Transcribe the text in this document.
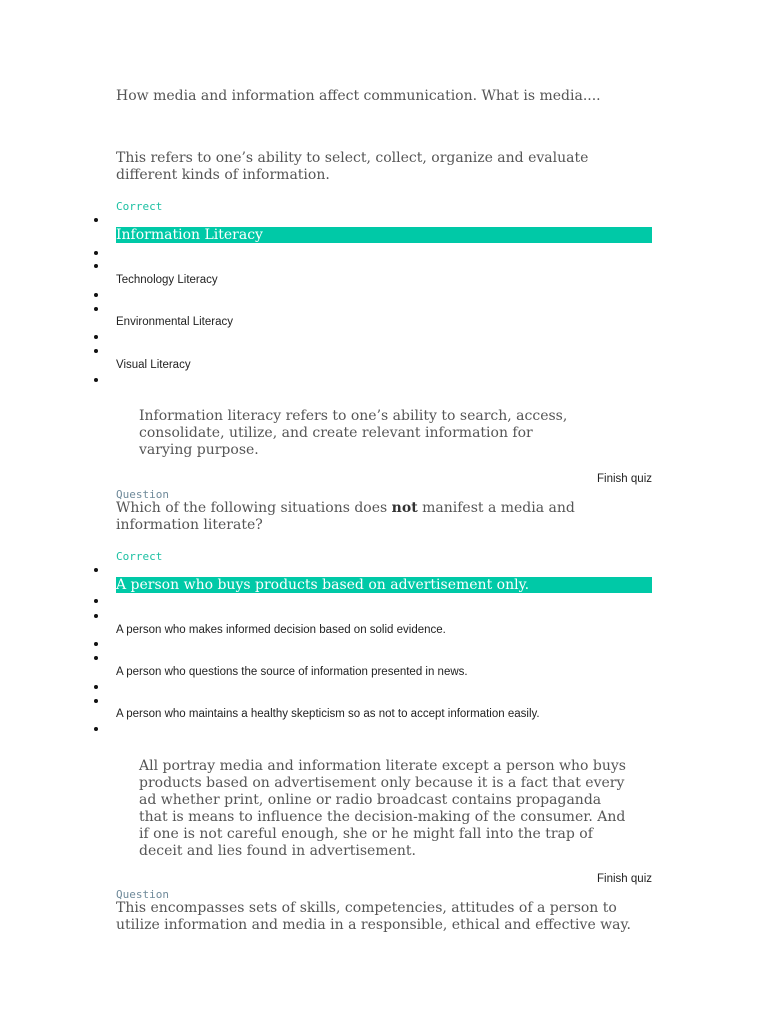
How media and information affect communication. What is media....
This refers to one’s ability to select, collect, organize and evaluate different kinds of information.
Correct
Information Literacy
Technology Literacy
Environmental Literacy
Visual Literacy
Information literacy refers to one’s ability to search, access, consolidate, utilize, and create relevant information for varying purpose.
Finish quiz
Question
Which of the following situations does not manifest a media and information literate?
Correct
A person who buys products based on advertisement only.
A person who makes informed decision based on solid evidence.
A person who questions the source of information presented in news.
A person who maintains a healthy skepticism so as not to accept information easily.
All portray media and information literate except a person who buys products based on advertisement only because it is a fact that every ad whether print, online or radio broadcast contains propaganda that is means to influence the decision-making of the consumer. And if one is not careful enough, she or he might fall into the trap of deceit and lies found in advertisement.
Finish quiz
Question
This encompasses sets of skills, competencies, attitudes of a person to utilize information and media in a responsible, ethical and effective way.
